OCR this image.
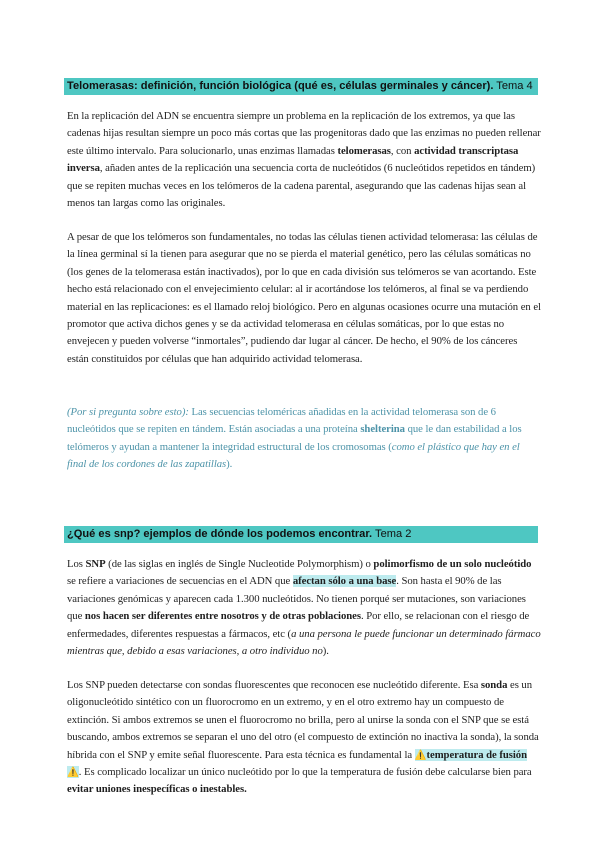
Telomerasas: definición, función biológica (qué es, células germinales y cáncer). Tema 4

En la replicación del ADN se encuentra siempre un problema en la replicación de los extremos, ya que las cadenas hijas resultan siempre un poco más cortas que las progenitoras dado que las enzimas no pueden rellenar este último intervalo. Para solucionarlo, unas enzimas llamadas telomerasas, con actividad transcriptasa inversa, añaden antes de la replicación una secuencia corta de nucleótidos (6 nucleótidos repetidos en tándem) que se repiten muchas veces en los telómeros de la cadena parental, asegurando que las cadenas hijas sean al menos tan largas como las originales.

A pesar de que los telómeros son fundamentales, no todas las células tienen actividad telomerasa: las células de la línea germinal sí la tienen para asegurar que no se pierda el material genético, pero las células somáticas no (los genes de la telomerasa están inactivados), por lo que en cada división sus telómeros se van acortando. Este hecho está relacionado con el envejecimiento celular: al ir acortándose los telómeros, al final se va perdiendo material en las replicaciones: es el llamado reloj biológico. Pero en algunas ocasiones ocurre una mutación en el promotor que activa dichos genes y se da actividad telomerasa en células somáticas, por lo que estas no envejecen y pueden volverse “inmortales”, pudiendo dar lugar al cáncer. De hecho, el 90% de los cánceres están constituidos por células que han adquirido actividad telomerasa.

(Por si pregunta sobre esto): Las secuencias teloméricas añadidas en la actividad telomerasa son de 6 nucleótidos que se repiten en tándem. Están asociadas a una proteína shelterina que le dan estabilidad a los telómeros y ayudan a mantener la integridad estructural de los cromosomas (como el plástico que hay en el final de los cordones de las zapatillas).

¿Qué es snp? ejemplos de dónde los podemos encontrar. Tema 2

Los SNP (de las siglas en inglés de Single Nucleotide Polymorphism) o polimorfismo de un solo nucleótido se refiere a variaciones de secuencias en el ADN que afectan sólo a una base. Son hasta el 90% de las variaciones genómicas y aparecen cada 1.300 nucleótidos. No tienen porqué ser mutaciones, son variaciones que nos hacen ser diferentes entre nosotros y de otras poblaciones. Por ello, se relacionan con el riesgo de enfermedades, diferentes respuestas a fármacos, etc (a una persona le puede funcionar un determinado fármaco mientras que, debido a esas variaciones, a otro individuo no).

Los SNP pueden detectarse con sondas fluorescentes que reconocen ese nucleótido diferente. Esa sonda es un oligonucleótido sintético con un fluorocromo en un extremo, y en el otro extremo hay un compuesto de extinción. Si ambos extremos se unen el fluorocromo no brilla, pero al unirse la sonda con el SNP que se está buscando, ambos extremos se separan el uno del otro (el compuesto de extinción no inactiva la sonda), la sonda híbrida con el SNP y emite señal fluorescente. Para esta técnica es fundamental la ⚠️temperatura de fusión ⚠️. Es complicado localizar un único nucleótido por lo que la temperatura de fusión debe calcularse bien para evitar uniones inespecíficas o inestables.
